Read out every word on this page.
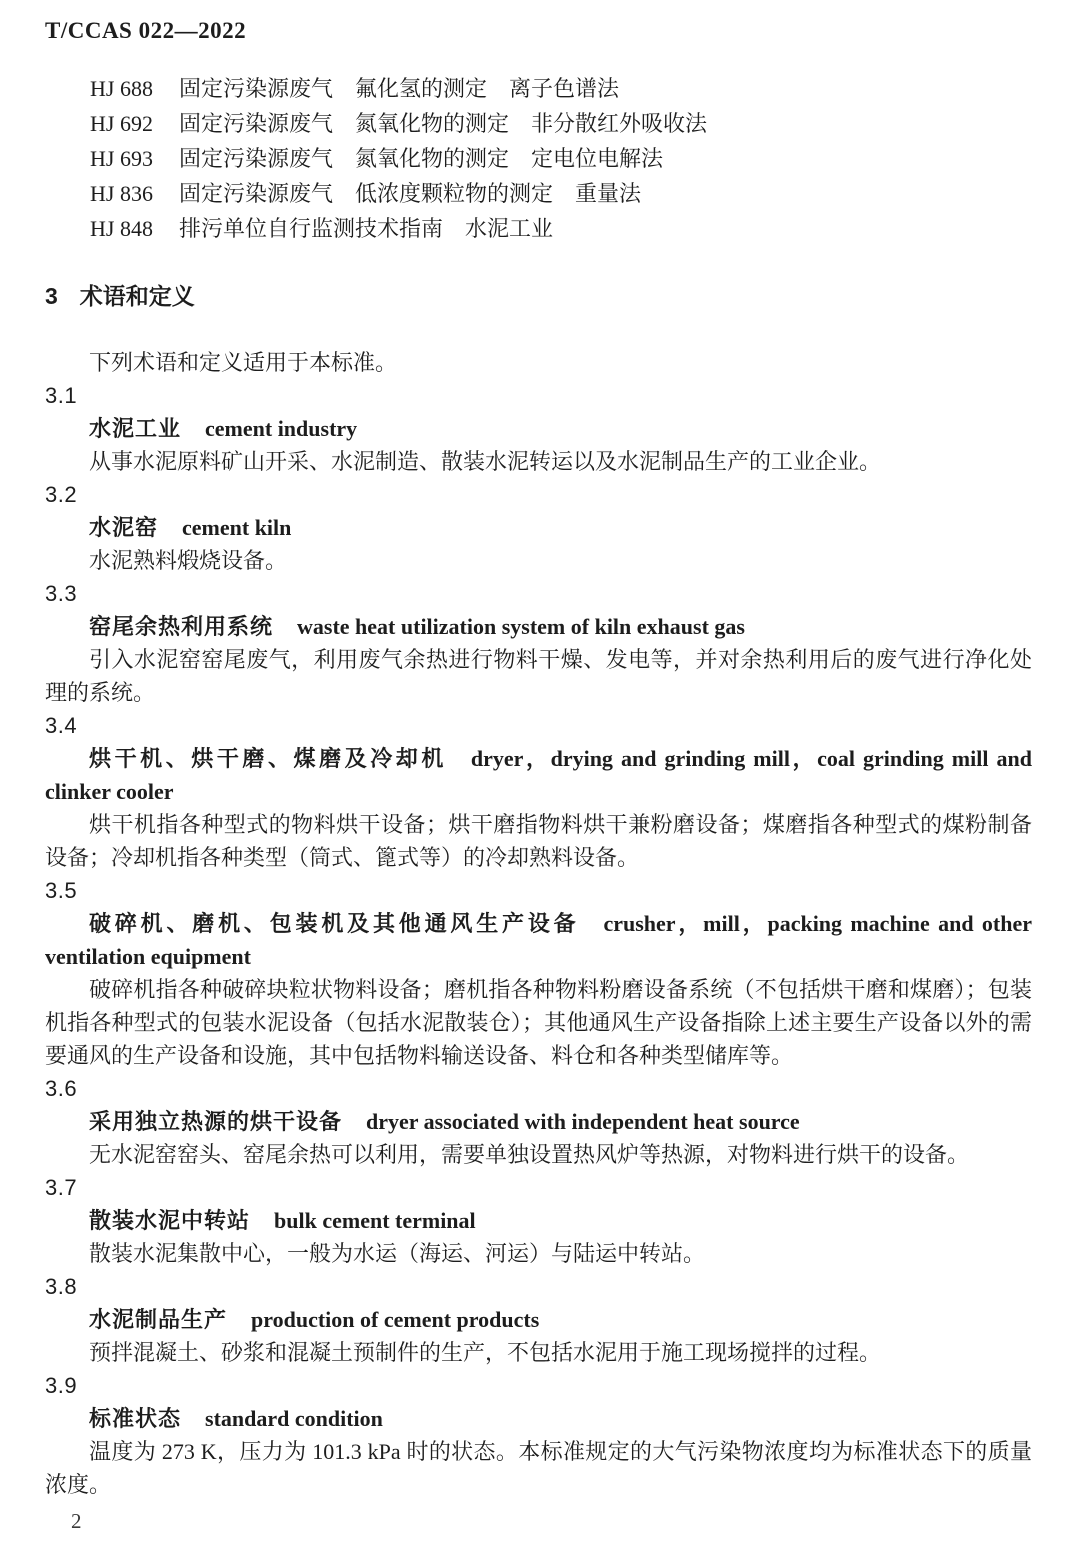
T/CCAS 022—2022
HJ 688 固定污染源废气　氟化氢的测定　离子色谱法
HJ 692 固定污染源废气　氮氧化物的测定　非分散红外吸收法
HJ 693 固定污染源废气　氮氧化物的测定　定电位电解法
HJ 836 固定污染源废气　低浓度颗粒物的测定　重量法
HJ 848 排污单位自行监测技术指南　水泥工业
3 术语和定义

下列术语和定义适用于本标准。

3.1

水泥工业 cement industry

从事水泥原料矿山开采、水泥制造、散装水泥转运以及水泥制品生产的工业企业。

3.2

水泥窑 cement kiln

水泥熟料煅烧设备。

3.3

窑尾余热利用系统 waste heat utilization system of kiln exhaust gas

引入水泥窑窑尾废气，利用废气余热进行物料干燥、发电等，并对余热利用后的废气进行净化处理的系统。

3.4

烘干机、烘干磨、煤磨及冷却机 dryer，drying and grinding mill，coal grinding mill and clinker cooler

烘干机指各种型式的物料烘干设备；烘干磨指物料烘干兼粉磨设备；煤磨指各种型式的煤粉制备设备；冷却机指各种类型（筒式、篦式等）的冷却熟料设备。

3.5

破碎机、磨机、包装机及其他通风生产设备 crusher，mill，packing machine and other ventilation equipment

破碎机指各种破碎块粒状物料设备；磨机指各种物料粉磨设备系统（不包括烘干磨和煤磨）；包装机指各种型式的包装水泥设备（包括水泥散装仓）；其他通风生产设备指除上述主要生产设备以外的需要通风的生产设备和设施，其中包括物料输送设备、料仓和各种类型储库等。

3.6

采用独立热源的烘干设备 dryer associated with independent heat source

无水泥窑窑头、窑尾余热可以利用，需要单独设置热风炉等热源，对物料进行烘干的设备。

3.7

散装水泥中转站 bulk cement terminal

散装水泥集散中心，一般为水运（海运、河运）与陆运中转站。

3.8

水泥制品生产 production of cement products

预拌混凝土、砂浆和混凝土预制件的生产，不包括水泥用于施工现场搅拌的过程。

3.9

标准状态 standard condition

温度为 273 K，压力为 101.3 kPa 时的状态。本标准规定的大气污染物浓度均为标准状态下的质量浓度。

2
